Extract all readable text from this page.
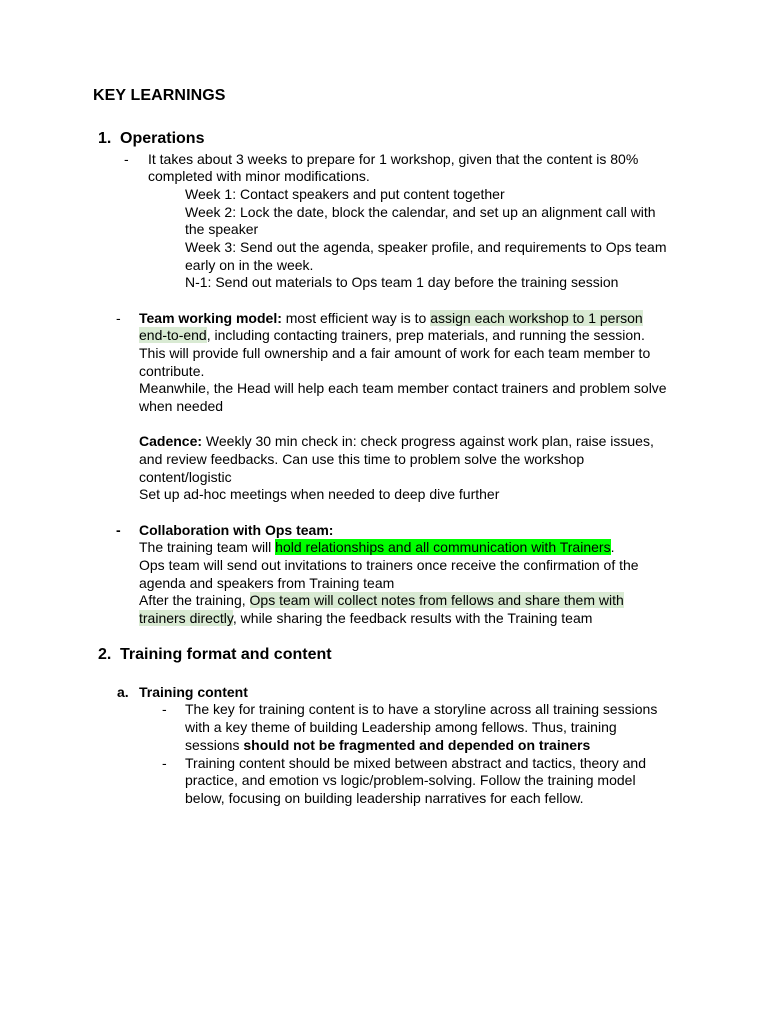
KEY LEARNINGS
1. Operations
- It takes about 3 weeks to prepare for 1 workshop, given that the content is 80%
completed with minor modifications.
Week 1: Contact speakers and put content together
Week 2: Lock the date, block the calendar, and set up an alignment call with
the speaker
Week 3: Send out the agenda, speaker profile, and requirements to Ops team
early on in the week.
N-1: Send out materials to Ops team 1 day before the training session
- Team working model: most efficient way is to assign each workshop to 1 person
end-to-end, including contacting trainers, prep materials, and running the session.
This will provide full ownership and a fair amount of work for each team member to
contribute.
Meanwhile, the Head will help each team member contact trainers and problem solve
when needed
Cadence: Weekly 30 min check in: check progress against work plan, raise issues,
and review feedbacks. Can use this time to problem solve the workshop
content/logistic
Set up ad-hoc meetings when needed to deep dive further
- Collaboration with Ops team:
The training team will hold relationships and all communication with Trainers.
Ops team will send out invitations to trainers once receive the confirmation of the
agenda and speakers from Training team
After the training, Ops team will collect notes from fellows and share them with
trainers directly, while sharing the feedback results with the Training team
2. Training format and content
a. Training content
- The key for training content is to have a storyline across all training sessions
with a key theme of building Leadership among fellows. Thus, training
sessions should not be fragmented and depended on trainers
- Training content should be mixed between abstract and tactics, theory and
practice, and emotion vs logic/problem-solving. Follow the training model
below, focusing on building leadership narratives for each fellow.
